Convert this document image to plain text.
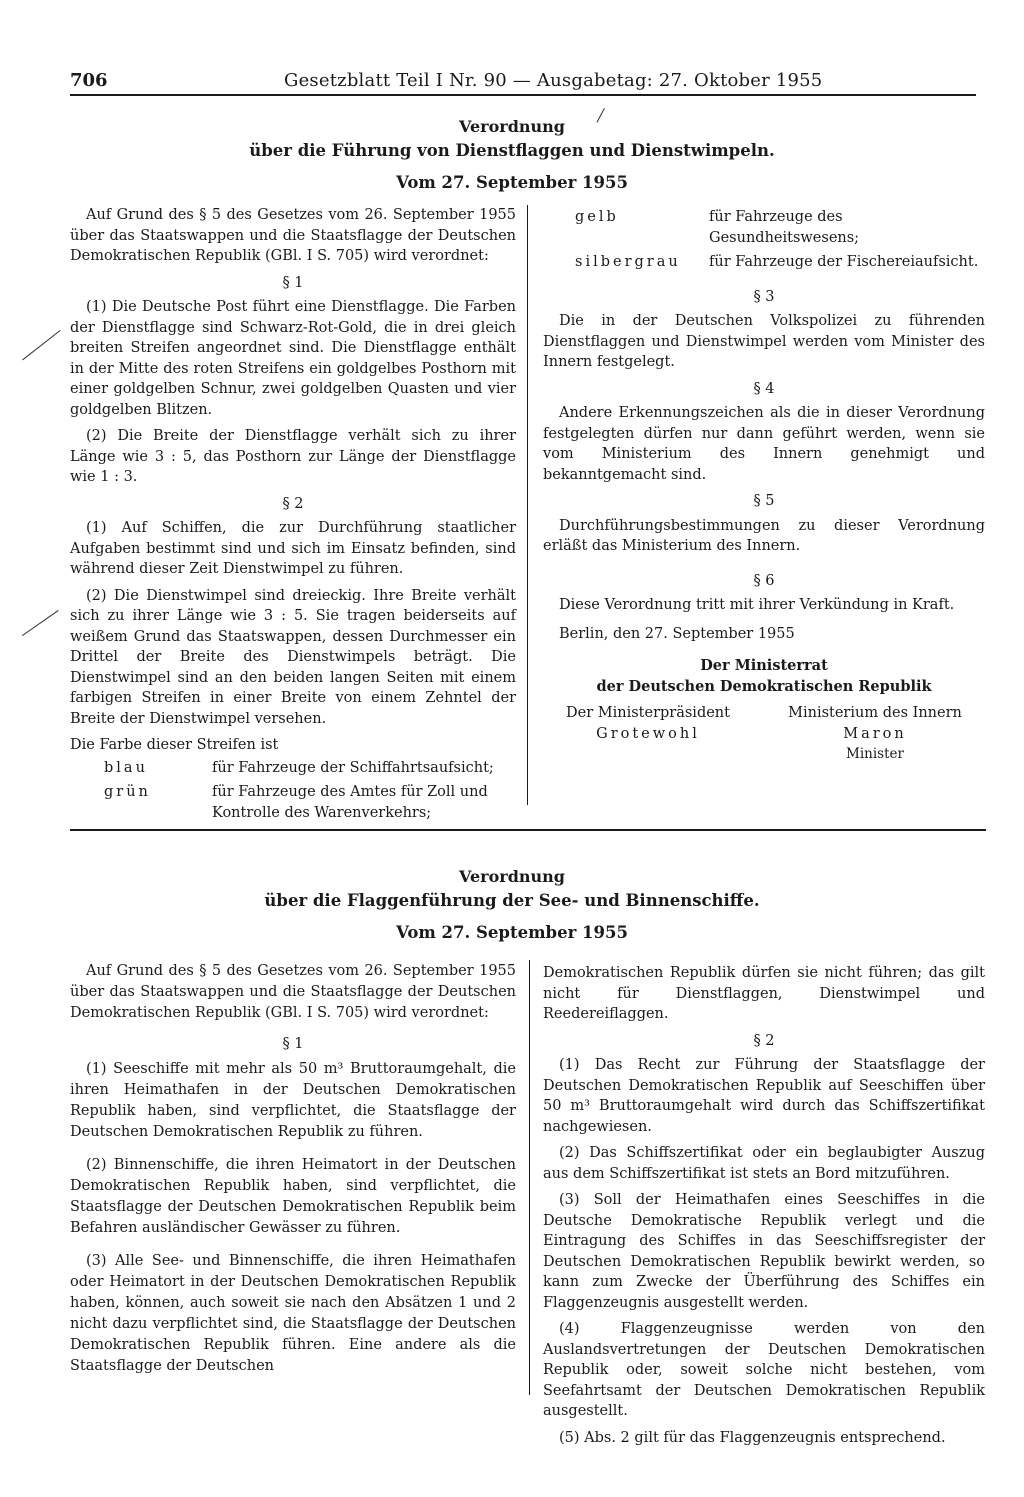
706	Gesetzblatt Teil I Nr. 90 — Ausgabetag: 27. Oktober 1955
Verordnung
über die Führung von Dienstflaggen und Dienstwimpeln.
Vom 27. September 1955

Auf Grund des § 5 des Gesetzes vom 26. September 1955 über das Staatswappen und die Staatsflagge der Deutschen Demokratischen Republik (GBl. I S. 705) wird verordnet:

§ 1

(1) Die Deutsche Post führt eine Dienstflagge. Die Farben der Dienstflagge sind Schwarz-Rot-Gold, die in drei gleich breiten Streifen angeordnet sind. Die Dienstflagge enthält in der Mitte des roten Streifens ein goldgelbes Posthorn mit einer goldgelben Schnur, zwei goldgelben Quasten und vier goldgelben Blitzen.

(2) Die Breite der Dienstflagge verhält sich zu ihrer Länge wie 3 : 5, das Posthorn zur Länge der Dienstflagge wie 1 : 3.

§ 2

(1) Auf Schiffen, die zur Durchführung staatlicher Aufgaben bestimmt sind und sich im Einsatz befinden, sind während dieser Zeit Dienstwimpel zu führen.

(2) Die Dienstwimpel sind dreieckig. Ihre Breite verhält sich zu ihrer Länge wie 3 : 5. Sie tragen beiderseits auf weißem Grund das Staatswappen, dessen Durchmesser ein Drittel der Breite des Dienstwimpels beträgt. Die Dienstwimpel sind an den beiden langen Seiten mit einem farbigen Streifen in einer Breite von einem Zehntel der Breite der Dienstwimpel versehen.

Die Farbe dieser Streifen ist

blau	für Fahrzeuge der Schiffahrtsaufsicht;
grün	für Fahrzeuge des Amtes für Zoll und Kontrolle des Warenverkehrs;
gelb	für Fahrzeuge des Gesundheitswesens;
silbergrau	für Fahrzeuge der Fischereiaufsicht.
§ 3

Die in der Deutschen Volkspolizei zu führenden Dienstflaggen und Dienstwimpel werden vom Minister des Innern festgelegt.

§ 4

Andere Erkennungszeichen als die in dieser Verordnung festgelegten dürfen nur dann geführt werden, wenn sie vom Ministerium des Innern genehmigt und bekanntgemacht sind.

§ 5

Durchführungsbestimmungen zu dieser Verordnung erläßt das Ministerium des Innern.

§ 6

Diese Verordnung tritt mit ihrer Verkündung in Kraft.

Berlin, den 27. September 1955

Der Ministerrat
der Deutschen Demokratischen Republik
Der Ministerpräsident
Grotewohl
Ministerium des Innern
Maron
Minister
Verordnung
über die Flaggenführung der See- und Binnenschiffe.
Vom 27. September 1955

Auf Grund des § 5 des Gesetzes vom 26. September 1955 über das Staatswappen und die Staatsflagge der Deutschen Demokratischen Republik (GBl. I S. 705) wird verordnet:

§ 1

(1) Seeschiffe mit mehr als 50 m³ Bruttoraumgehalt, die ihren Heimathafen in der Deutschen Demokratischen Republik haben, sind verpflichtet, die Staatsflagge der Deutschen Demokratischen Republik zu führen.

(2) Binnenschiffe, die ihren Heimatort in der Deutschen Demokratischen Republik haben, sind verpflichtet, die Staatsflagge der Deutschen Demokratischen Republik beim Befahren ausländischer Gewässer zu führen.

(3) Alle See- und Binnenschiffe, die ihren Heimathafen oder Heimatort in der Deutschen Demokratischen Republik haben, können, auch soweit sie nach den Absätzen 1 und 2 nicht dazu verpflichtet sind, die Staatsflagge der Deutschen Demokratischen Republik führen. Eine andere als die Staatsflagge der Deutschen

Demokratischen Republik dürfen sie nicht führen; das gilt nicht für Dienstflaggen, Dienstwimpel und Reedereiflaggen.

§ 2

(1) Das Recht zur Führung der Staatsflagge der Deutschen Demokratischen Republik auf Seeschiffen über 50 m³ Bruttoraumgehalt wird durch das Schiffszertifikat nachgewiesen.

(2) Das Schiffszertifikat oder ein beglaubigter Auszug aus dem Schiffszertifikat ist stets an Bord mitzuführen.

(3) Soll der Heimathafen eines Seeschiffes in die Deutsche Demokratische Republik verlegt und die Eintragung des Schiffes in das Seeschiffsregister der Deutschen Demokratischen Republik bewirkt werden, so kann zum Zwecke der Überführung des Schiffes ein Flaggenzeugnis ausgestellt werden.

(4) Flaggenzeugnisse werden von den Auslandsvertretungen der Deutschen Demokratischen Republik oder, soweit solche nicht bestehen, vom Seefahrtsamt der Deutschen Demokratischen Republik ausgestellt.

(5) Abs. 2 gilt für das Flaggenzeugnis entsprechend.
